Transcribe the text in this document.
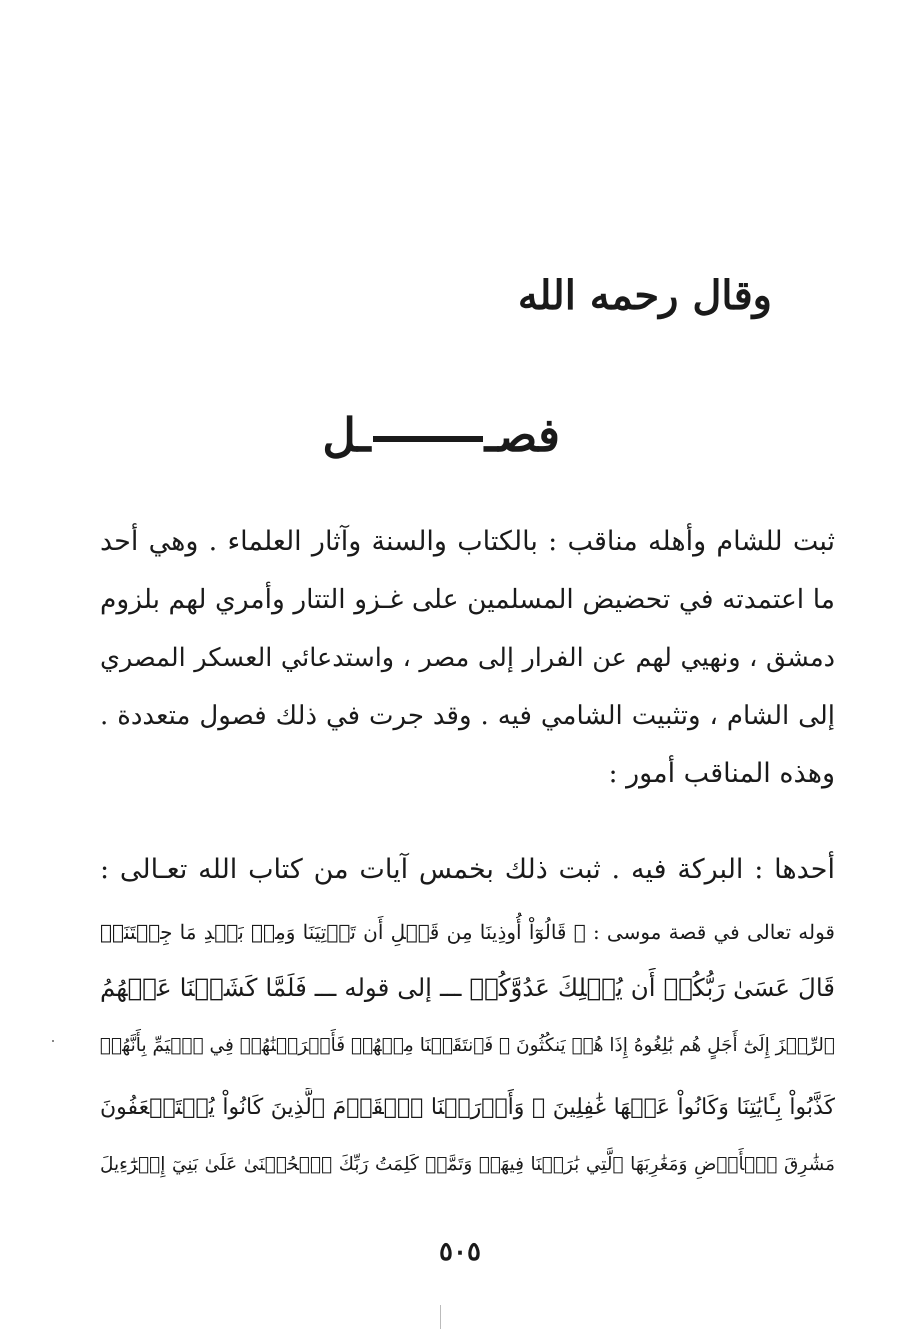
وقال رحمه الله
فصــل
ثبت للشام وأهله مناقب : بالكتاب والسنة وآثار العلماء . وهي أحد
ما اعتمدته في تحضيض المسلمين على غـزو التتار وأمري لهم بلزوم
دمشق ، ونهيي لهم عن الفرار إلى مصر ، واستدعائي العسكر المصري
إلى الشام ، وتثبيت الشامي فيه . وقد جرت في ذلك فصول متعددة .
وهذه المناقب أمور :
أحدها : البركة فيه . ثبت ذلك بخمس آيات من كتاب الله تعـالى :
قوله تعالى في قصة موسى : ﴿ قَالُوٓاْ أُوذِينَا مِن قَبۡلِ أَن تَأۡتِيَنَا وَمِنۢ بَعۡدِ مَا جِئۡتَنَاۚ
قَالَ عَسَىٰ رَبُّكُمۡ أَن يُهۡلِكَ عَدُوَّكُمۡ ـــ إلى قوله ـــ فَلَمَّا كَشَفۡنَا عَنۡهُمُ
ٱلرِّجۡزَ إِلَىٰٓ أَجَلٍ هُم بَٰلِغُوهُ إِذَا هُمۡ يَنكُثُونَ ۞ فَٱنتَقَمۡنَا مِنۡهُمۡ فَأَغۡرَقۡنَٰهُمۡ فِي ٱلۡيَمِّ بِأَنَّهُمۡ
كَذَّبُواْ بِـَٔايَٰتِنَا وَكَانُواْ عَنۡهَا غَٰفِلِينَ ۞ وَأَوۡرَثۡنَا ٱلۡقَوۡمَ ٱلَّذِينَ كَانُواْ يُسۡتَضۡعَفُونَ
مَشَٰرِقَ ٱلۡأَرۡضِ وَمَغَٰرِبَهَا ٱلَّتِي بَٰرَكۡنَا فِيهَاۖ وَتَمَّتۡ كَلِمَتُ رَبِّكَ ٱلۡحُسۡنَىٰ عَلَىٰ بَنِيٓ إِسۡرَٰٓءِيلَ
٥٠٥
